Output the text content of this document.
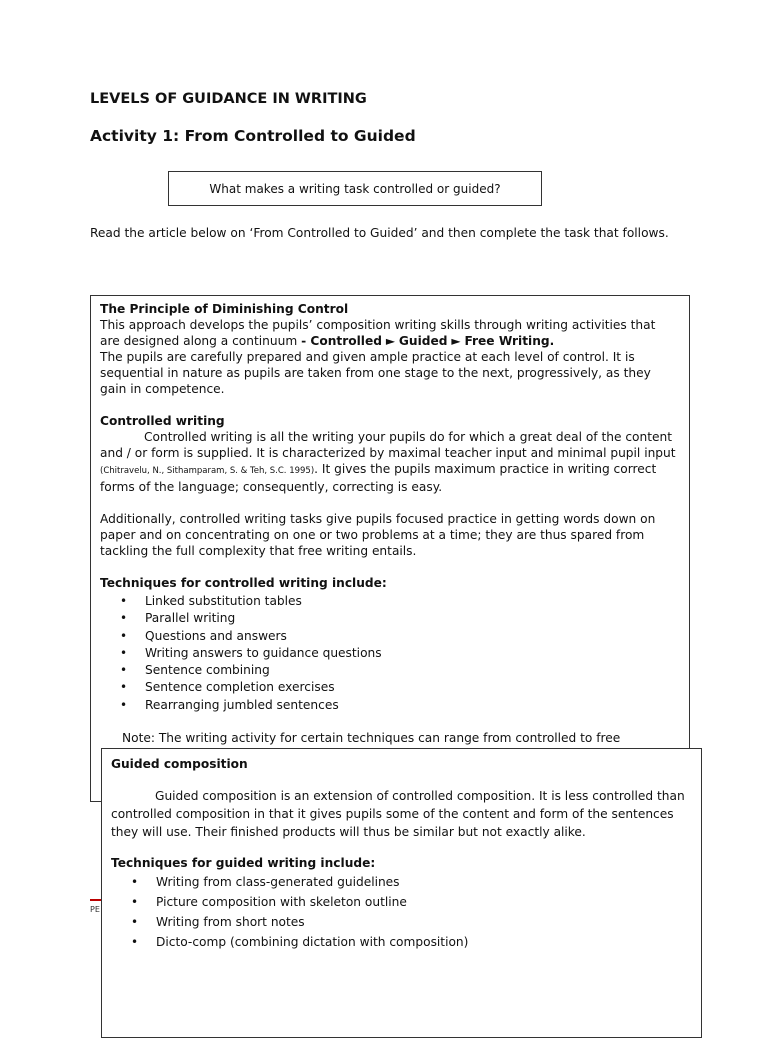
LEVELS OF GUIDANCE IN WRITING
Activity 1: From Controlled to Guided
What makes a writing task controlled or guided?

Read the article below on ‘From Controlled to Guided’ and then complete the task that follows.

The Principle of Diminishing Control

This approach develops the pupils’ composition writing skills through writing activities that

are designed along a continuum - Controlled ► Guided ► Free Writing.

The pupils are carefully prepared and given ample practice at each level of control. It is sequential in nature as pupils are taken from one stage to the next, progressively, as they gain in competence.

Controlled writing

Controlled writing is all the writing your pupils do for which a great deal of the content and / or form is supplied. It is characterized by maximal teacher input and minimal pupil input (Chitravelu, N., Sithamparam, S. & Teh, S.C. 1995). It gives the pupils maximum practice in writing correct forms of the language; consequently, correcting is easy.

Additionally, controlled writing tasks give pupils focused practice in getting words down on paper and on concentrating on one or two problems at a time; they are thus spared from tackling the full complexity that free writing entails.

Techniques for controlled writing include:

• Linked substitution tables
• Parallel writing
• Questions and answers
• Writing answers to guidance questions
• Sentence combining
• Sentence completion exercises
• Rearranging jumbled sentences

Note: The writing activity for certain techniques can range from controlled to free

PE

Guided composition

Guided composition is an extension of controlled composition. It is less controlled than controlled composition in that it gives pupils some of the content and form of the sentences they will use. Their finished products will thus be similar but not exactly alike.

Techniques for guided writing include:

• Writing from class-generated guidelines
• Picture composition with skeleton outline
• Writing from short notes
• Dicto-comp (combining dictation with composition)
